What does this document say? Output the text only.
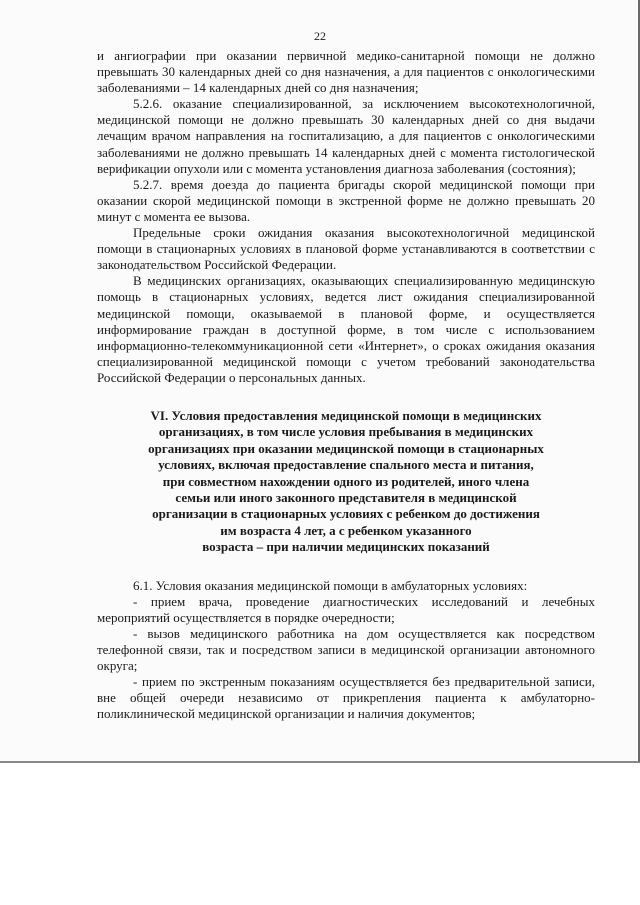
22

и ангиографии при оказании первичной медико-санитарной помощи не должно превышать 30 календарных дней со дня назначения, а для пациентов с онкологическими заболеваниями – 14 календарных дней со дня назначения;

5.2.6. оказание специализированной, за исключением высокотехнологичной, медицинской помощи не должно превышать 30 календарных дней со дня выдачи лечащим врачом направления на госпитализацию, а для пациентов с онкологическими заболеваниями не должно превышать 14 календарных дней с момента гистологической верификации опухоли или с момента установления диагноза заболевания (состояния);

5.2.7. время доезда до пациента бригады скорой медицинской помощи при оказании скорой медицинской помощи в экстренной форме не должно превышать 20 минут с момента ее вызова.

Предельные сроки ожидания оказания высокотехнологичной медицинской помощи в стационарных условиях в плановой форме устанавливаются в соответствии с законодательством Российской Федерации.

В медицинских организациях, оказывающих специализированную медицинскую помощь в стационарных условиях, ведется лист ожидания специализированной медицинской помощи, оказываемой в плановой форме, и осуществляется информирование граждан в доступной форме, в том числе с использованием информационно-телекоммуникационной сети «Интернет», о сроках ожидания оказания специализированной медицинской помощи с учетом требований законодательства Российской Федерации о персональных данных.

VI. Условия предоставления медицинской помощи в медицинских
организациях, в том числе условия пребывания в медицинских
организациях при оказании медицинской помощи в стационарных
условиях, включая предоставление спального места и питания,
при совместном нахождении одного из родителей, иного члена
семьи или иного законного представителя в медицинской
организации в стационарных условиях с ребенком до достижения
им возраста 4 лет, а с ребенком указанного
возраста – при наличии медицинских показаний

6.1. Условия оказания медицинской помощи в амбулаторных условиях:

- прием врача, проведение диагностических исследований и лечебных мероприятий осуществляется в порядке очередности;

- вызов медицинского работника на дом осуществляется как посредством телефонной связи, так и посредством записи в медицинской организации автономного округа;

- прием по экстренным показаниям осуществляется без предварительной записи, вне общей очереди независимо от прикрепления пациента к амбулаторно-поликлинической медицинской организации и наличия документов;
